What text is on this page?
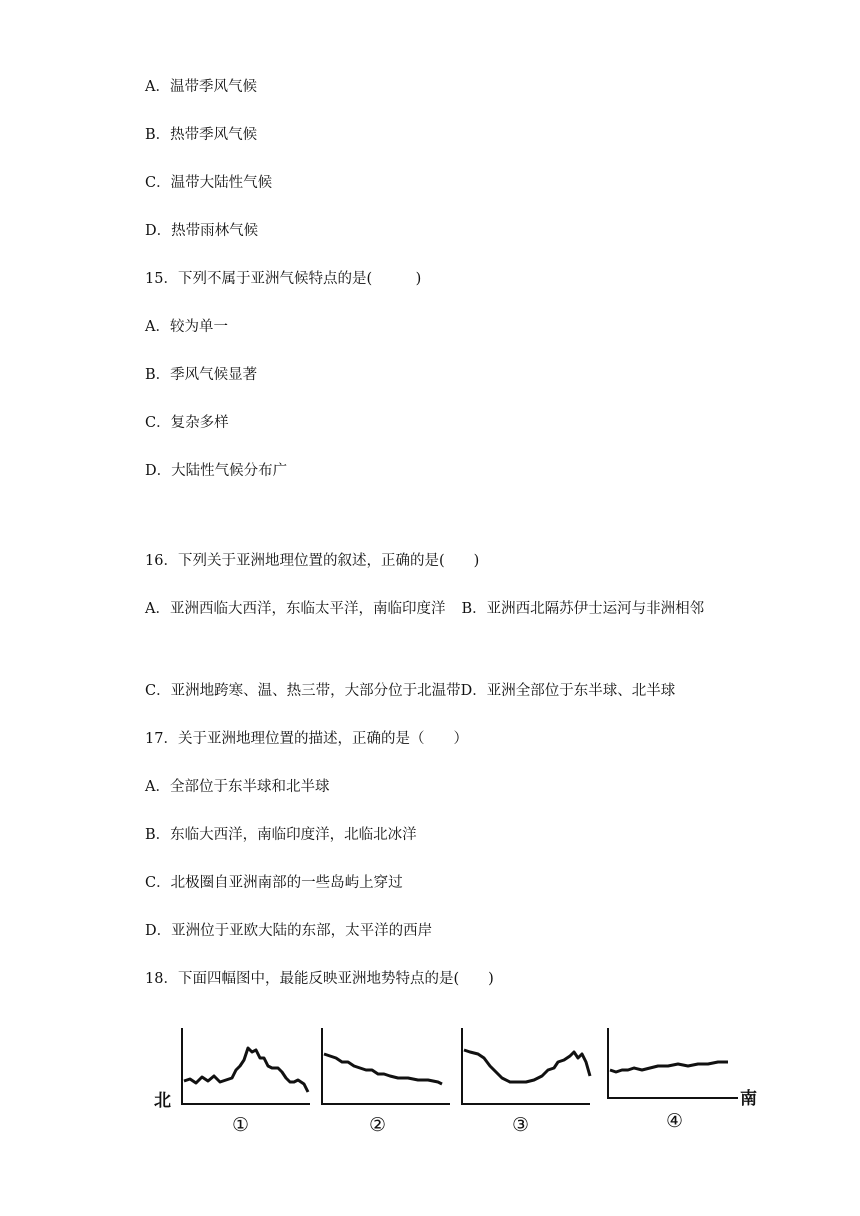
A．温带季风气候
B．热带季风气候
C．温带大陆性气候
D．热带雨林气候
15．下列不属于亚洲气候特点的是(　　　)
A．较为单一
B．季风气候显著
C．复杂多样
D．大陆性气候分布广
16．下列关于亚洲地理位置的叙述，正确的是(　　)
A．亚洲西临大西洋，东临太平洋，南临印度洋 B．亚洲西北隔苏伊士运河与非洲相邻
C．亚洲地跨寒、温、热三带，大部分位于北温带D．亚洲全部位于东半球、北半球
17．关于亚洲地理位置的描述，正确的是（　　）
A．全部位于东半球和北半球
B．东临大西洋，南临印度洋，北临北冰洋
C．北极圈自亚洲南部的一些岛屿上穿过
D．亚洲位于亚欧大陆的东部，太平洋的西岸
18．下面四幅图中，最能反映亚洲地势特点的是(　　)
北	南
①	②	③	④
